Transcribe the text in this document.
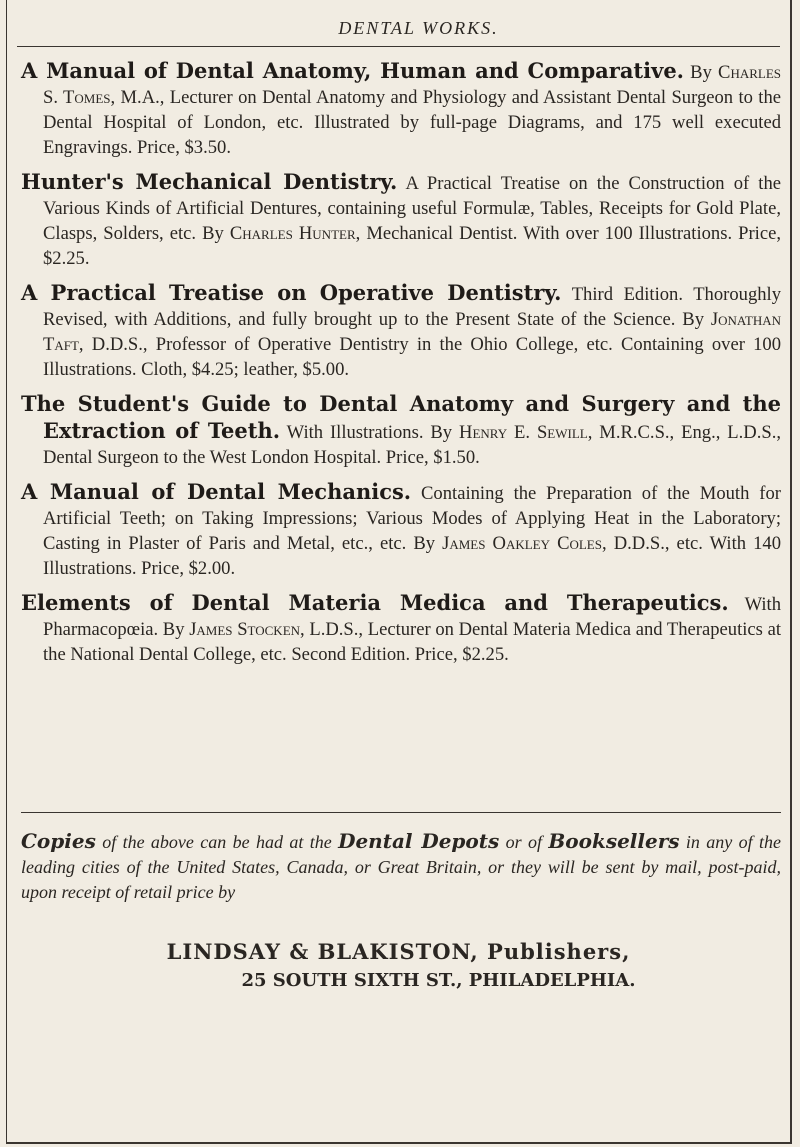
DENTAL WORKS.

A Manual of Dental Anatomy, Human and Comparative. By Charles S. Tomes, M.A., Lecturer on Dental Anatomy and Physiology and Assistant Dental Surgeon to the Dental Hospital of London, etc. Illustrated by full-page Diagrams, and 175 well executed Engravings. Price, $3.50.

Hunter's Mechanical Dentistry. A Practical Treatise on the Construction of the Various Kinds of Artificial Dentures, containing useful Formulæ, Tables, Receipts for Gold Plate, Clasps, Solders, etc. By Charles Hunter, Mechanical Dentist. With over 100 Illustrations. Price, $2.25.

A Practical Treatise on Operative Dentistry. Third Edition. Thoroughly Revised, with Additions, and fully brought up to the Present State of the Science. By Jonathan Taft, D.D.S., Professor of Operative Dentistry in the Ohio College, etc. Containing over 100 Illustrations. Cloth, $4.25; leather, $5.00.

The Student's Guide to Dental Anatomy and Surgery and the Extraction of Teeth. With Illustrations. By Henry E. Sewill, M.R.C.S., Eng., L.D.S., Dental Surgeon to the West London Hospital. Price, $1.50.

A Manual of Dental Mechanics. Containing the Preparation of the Mouth for Artificial Teeth; on Taking Impressions; Various Modes of Applying Heat in the Laboratory; Casting in Plaster of Paris and Metal, etc., etc. By James Oakley Coles, D.D.S., etc. With 140 Illustrations. Price, $2.00.

Elements of Dental Materia Medica and Therapeutics. With Pharmacopœia. By James Stocken, L.D.S., Lecturer on Dental Materia Medica and Therapeutics at the National Dental College, etc. Second Edition. Price, $2.25.

Copies of the above can be had at the Dental Depots or of Booksellers in any of the leading cities of the United States, Canada, or Great Britain, or they will be sent by mail, post-paid, upon receipt of retail price by
LINDSAY & BLAKISTON, Publishers,
25 SOUTH SIXTH ST., PHILADELPHIA.
